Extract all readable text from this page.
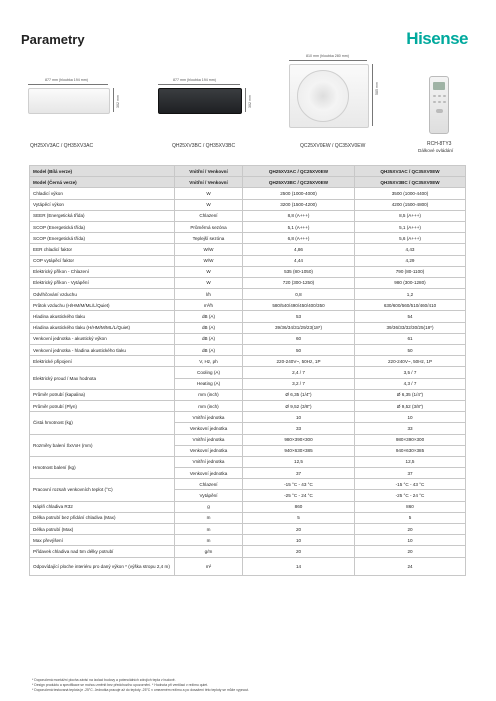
Parametry	Hisense
877 mm (hloubka 194 mm)
302 mm
QH25XV3AC / QH35XV3AC
877 mm (hloubka 194 mm)
302 mm
QH25XV3BC / QH35XV3BC
810 mm (hloubka 280 mm)
585 mm
QC25XV0EW / QC35XV0EW	RCH-8TY3
Dálkové ovládání
Model (Bílá verze)	Vnitřní / Venkovní	QH25XV3AC / QC25XV0EW	QH35XV3AC / QC35XV0EW
Model (Černá verze)	Vnitřní / Venkovní	QH25XV3BC / QC25XV0EW	QH35XV3BC / QC35XV0EW
Chladicí výkon	W	2500 (1000-4000)	3500 (1000-4400)
Vytápěcí výkon	W	3200 (1500-4200)	4200 (1500-4800)
SEER (Energetická třída)	Chlazení	8,8 (A+++)	8,5 (A+++)
SCOP (Energetická třída)	Průměrná sezóna	5,1 (A+++)	5,1 (A+++)
SCOP (Energetická třída)	Teplejší sezóna	6,8 (A+++)	5,6 (A+++)
EER chladicí faktor	W/W	4,86	4,43
COP vytápěcí faktor	W/W	4,44	4,29
Elektrický příkon - Chlazení	W	535 (80-1050)	790 (80-1100)
Elektrický příkon - Vytápění	W	720 (300-1250)	980 (300-1280)
Odvlhčování vzduchu	l/h	0,8	1,2
Průtok vzduchu (H/HM/M/ML/L/Quiet)	m³/h	580/540/490/450/400/350	630/600/560/510/460/410
Hladina akustického tlaku	dB (A)	53	54
Hladina akustického tlaku (H/HM/M/ML/L/Quiet)	dB (A)	39/36/34/31/29/23(18*)	39/36/33/32/30/25(18*)
Venkovní jednotka - akustický výkon	dB (A)	60	61
Venkovní jednotka - hladina akustického tlaku	dB (A)	50	50
Elektrické připojení	V, Hz, ph	220-240V~, 50Hz, 1P	220-240V~, 50Hz, 1P
Elektrický proud / Max hodnota	Cooling (A)	2,4 / 7	3,5 / 7
	Heating (A)	3,2 / 7	4,3 / 7
Průměr potrubí (kapalina)	mm (inch)	Ø 6,35 (1/4")	Ø 6,35 (1/4")
Průměr potrubí (Plyn)	mm (inch)	Ø 9,52 (3/8")	Ø 9,52 (3/8")
Čistá hmotnost (kg)	Vnitřní jednotka	10	10
	Venkovní jednotka	33	33
Rozměry balení ŠxVxH (mm)	Vnitřní jednotka	980×390×300	980×390×300
	Venkovní jednotka	940×630×385	940×630×385
Hmotnost balení (kg)	Vnitřní jednotka	12,5	12,5
	Venkovní jednotka	37	37
Pracovní rozsah venkovních teplot (°C)	Chlazení	-15 °C - 43 °C	-15 °C - 43 °C
	Vytápění	-25 °C - 24 °C	-25 °C - 24 °C
Náplň chladiva R32	g	860	860
Délka potrubí bez přidání chladiva (Max)	m	5	5
Délka potrubí (Max)	m	20	20
Max převýšení	m	10	10
Přídavek chladiva nad 5m délky potrubí	g/m	20	20
Odpovídající ploche interiéru pro daný výkon * (výška stropu 2,4 m)	m²	14	24
* Doporučená montážní plocha závisí na izolaci budovy a potenciálních zdrojích tepla v budově.
* Design produktu a specifikace se mohou změnit bez předchozího upozornění. * Hodnota při ventilaci v režimu quiet.
* Doporučená testovaná teplota je -25°C. Jednotka pracuje až do teploty -25°C v omezeném režimu a po dosažení této teploty se může vypnout.
